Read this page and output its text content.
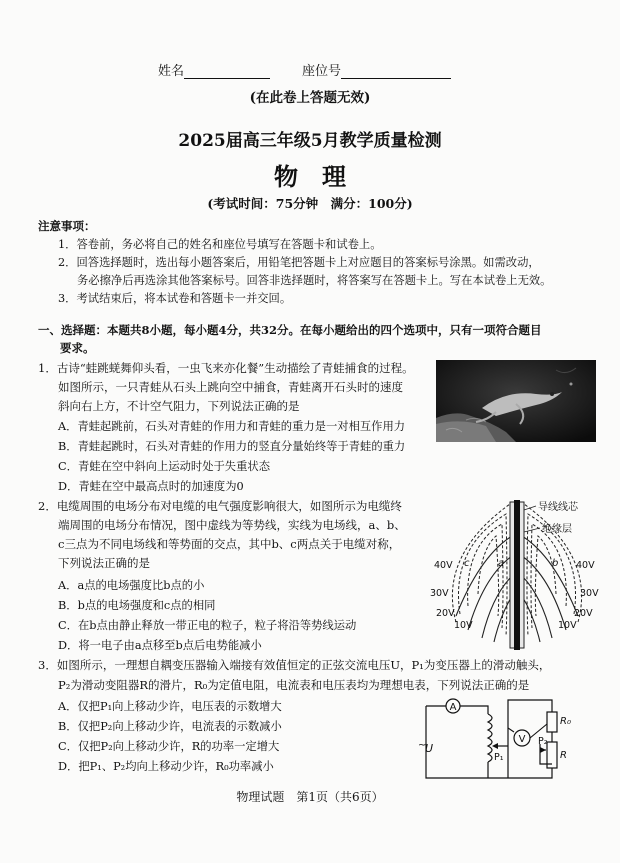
姓名	座位号
(在此卷上答题无效)
2025届高三年级5月教学质量检测
物　理
(考试时间：75分钟　满分：100分)
注意事项：
1．答卷前，务必将自己的姓名和座位号填写在答题卡和试卷上。
2．回答选择题时，选出每小题答案后，用铅笔把答题卡上对应题目的答案标号涂黑。如需改动，
务必擦净后再选涂其他答案标号。回答非选择题时，将答案写在答题卡上。写在本试卷上无效。
3．考试结束后，将本试卷和答题卡一并交回。
一、选择题：本题共8小题，每小题4分，共32分。在每小题给出的四个选项中，只有一项符合题目
要求。
1．古诗“蛙跳蜣舞仰头看，一虫飞来亦化餐”生动描绘了青蛙捕食的过程。
如图所示，一只青蛙从石头上跳向空中捕食，青蛙离开石头时的速度
斜向右上方，不计空气阻力，下列说法正确的是
A．青蛙起跳前，石头对青蛙的作用力和青蛙的重力是一对相互作用力
B．青蛙起跳时，石头对青蛙的作用力的竖直分量始终等于青蛙的重力
C．青蛙在空中斜向上运动时处于失重状态
D．青蛙在空中最高点时的加速度为0
2．电缆周围的电场分布对电缆的电气强度影响很大，如图所示为电缆终
端周围的电场分布情况，图中虚线为等势线，实线为电场线，a、b、
c三点为不同电场线和等势面的交点，其中b、c两点关于电缆对称，
下列说法正确的是
A．a点的电场强度比b点的小
B．b点的电场强度和c点的相同
C．在b点由静止释放一带正电的粒子，粒子将沿等势线运动
D．将一电子由a点移至b点后电势能减小
导线线芯
绝缘层
a	b
c
40V
30V
20V
10V
40V
30V
20V
10V
3．如图所示，一理想自耦变压器输入端接有效值恒定的正弦交流电压U，P₁为变压器上的滑动触头，
P₂为滑动变阻器R的滑片，R₀为定值电阻，电流表和电压表均为理想电表，下列说法正确的是
A．仅把P₁向上移动少许，电压表的示数增大
B．仅把P₂向上移动少许，电流表的示数减小
C．仅把P₂向上移动少许，R的功率一定增大
D．把P₁、P₂均向上移动少许，R₀功率减小
A
V
~
U
P₁
P₂
R₀
R
物理试题　第1页（共6页）
